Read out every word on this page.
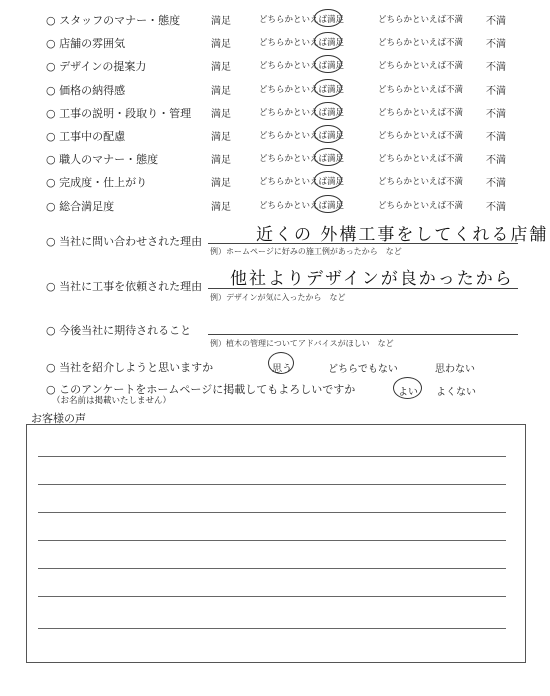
○ スタッフのマナー・態度	満足	どちらかといえば満足	どちらかといえば不満 不満
○ 店舗の雰囲気	満足	どちらかといえば満足	どちらかといえば不満 不満
○ デザインの提案力	満足	どちらかといえば満足	どちらかといえば不満 不満
○ 価格の納得感	満足	どちらかといえば満足	どちらかといえば不満 不満
○ 工事の説明・段取り・管理 満足	どちらかといえば満足	どちらかといえば不満 不満
○ 工事中の配慮	満足	どちらかといえば満足	どちらかといえば不満 不満
○ 職人のマナー・態度	満足	どちらかといえば満足	どちらかといえば不満 不満
○ 完成度・仕上がり	満足	どちらかといえば満足	どちらかといえば不満 不満
○ 総合満足度	満足	どちらかといえば満足	どちらかといえば不満 不満
○ 当社に問い合わせされた理由	近くの 外構工事をしてくれる店舗
例）ホームページに好みの施工例があったから　など
○ 当社に工事を依頼された理由 他社よりデザインが良かったから
例）デザインが気に入ったから　など
○ 今後当社に期待されること
例）植木の管理についてアドバイスがほしい　など
○ 当社を紹介しようと思いますか	思う	どちらでもない	思わない
○ このアンケートをホームページに掲載してもよろしいですか
（お名前は掲載いたしません）
よい よくない
お客様の声
